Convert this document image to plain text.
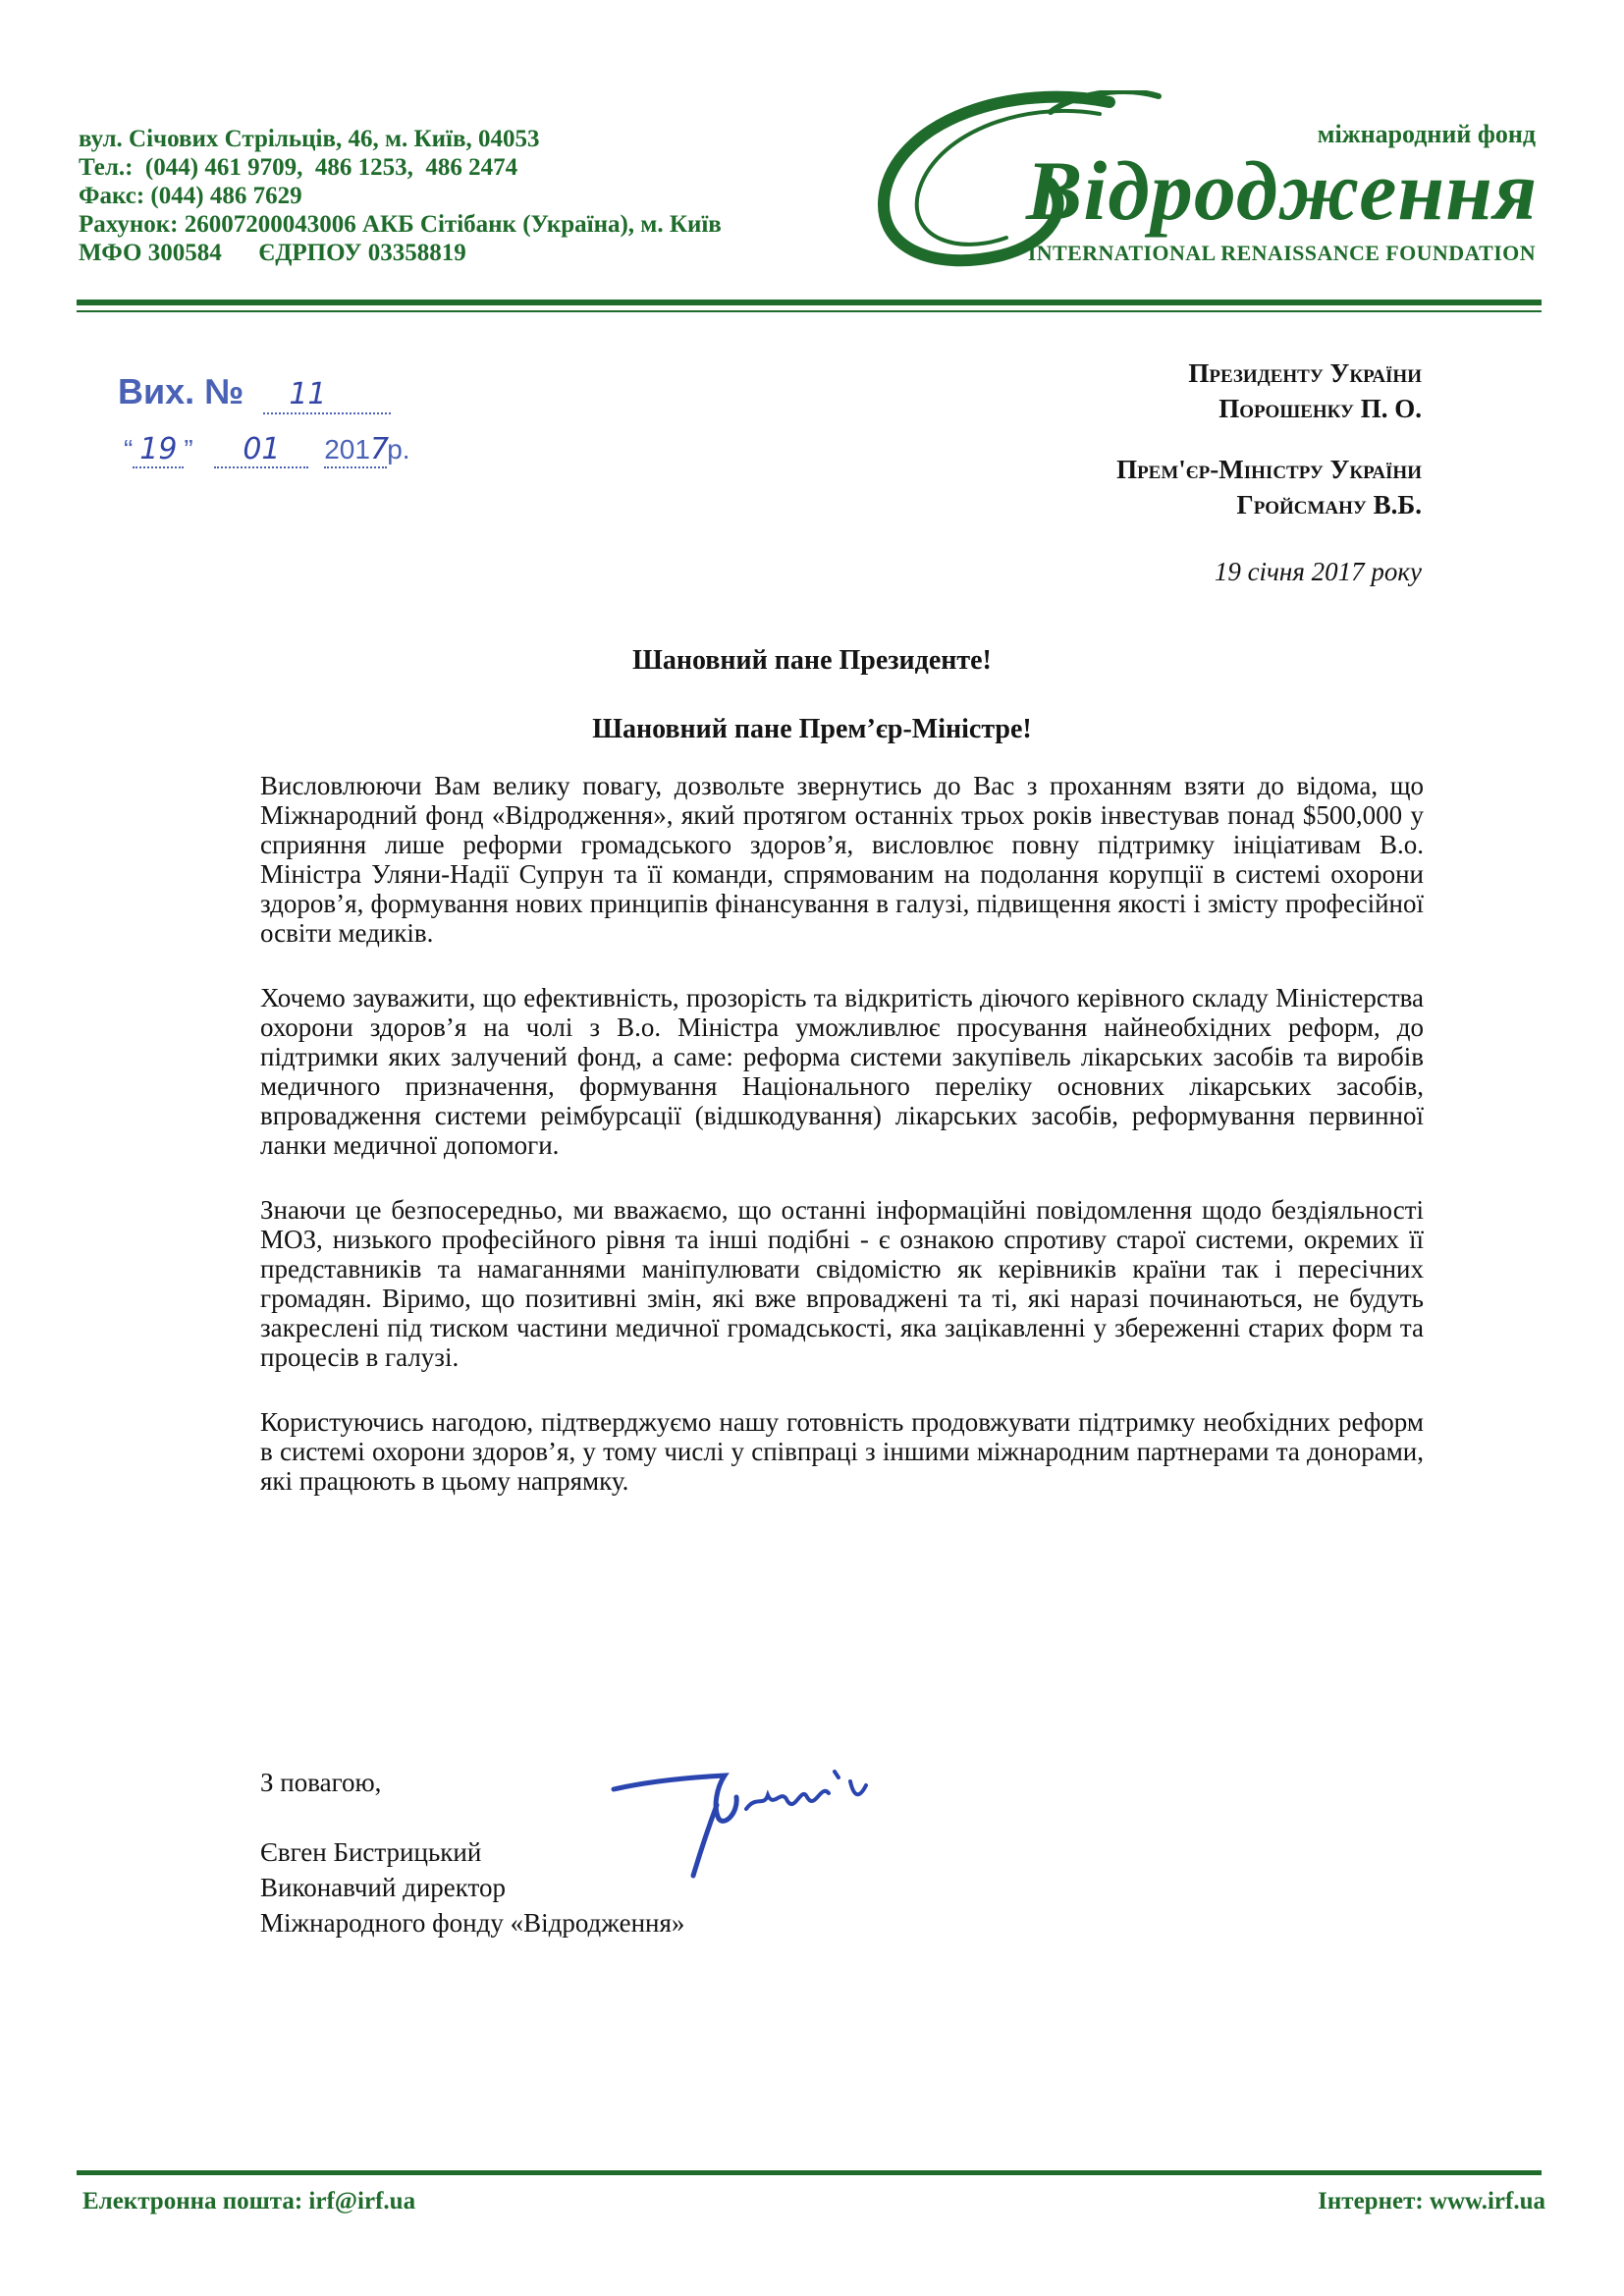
вул. Січових Стрільців, 46, м. Київ, 04053
Тел.:  (044) 461 9709,  486 1253,  486 2474
Факс: (044) 486 7629
Рахунок: 26007200043006 АКБ Сітібанк (Україна), м. Київ
МФО 300584      ЄДРПОУ 03358819
міжнародний фонд
Відродження
INTERNATIONAL RENAISSANCE FOUNDATION
Вих. № 11
“ 19 ” 01 2017р.
Президенту України
Порошенку П. О.
Прем'єр-Міністру України
Гройсману В.Б.
19 січня 2017 року
Шановний пане Президенте!
Шановний пане Прем’єр-Міністре!

Висловлюючи Вам велику повагу, дозвольте звернутись до Вас з проханням взяти до відома, що Міжнародний фонд «Відродження», який протягом останніх трьох років інвестував понад $500,000 у сприяння лише реформи громадського здоров’я, висловлює повну підтримку ініціативам В.о. Міністра Уляни-Надії Супрун та її команди, спрямованим на подолання корупції в системі охорони здоров’я, формування нових принципів фінансування в галузі, підвищення якості і змісту професійної освіти медиків.

Хочемо зауважити, що ефективність, прозорість та відкритість діючого керівного складу Міністерства охорони здоров’я на чолі з В.о. Міністра уможливлює просування найнеобхідних реформ, до підтримки яких залучений фонд, а саме: реформа системи закупівель лікарських засобів та виробів медичного призначення, формування Національного переліку основних лікарських засобів, впровадження системи реімбурсації (відшкодування) лікарських засобів, реформування первинної ланки медичної допомоги.

Знаючи це безпосередньо, ми вважаємо, що останні інформаційні повідомлення щодо бездіяльності МОЗ, низького професійного рівня та інші подібні - є ознакою спротиву старої системи, окремих її представників та намаганнями маніпулювати свідомістю як керівників країни так і пересічних громадян. Віримо, що позитивні змін, які вже впроваджені та ті, які наразі починаються, не будуть закреслені під тиском частини медичної громадськості, яка зацікавленні у збереженні старих форм та процесів в галузі.

Користуючись нагодою, підтверджуємо нашу готовність продовжувати підтримку необхідних реформ в системі охорони здоров’я, у тому числі у співпраці з іншими міжнародним партнерами та донорами, які працюють в цьому напрямку.

З повагою,
Євген Бистрицький
Виконавчий директор
Міжнародного фонду «Відродження»
Електронна пошта: irf@irf.ua	Інтернет: www.irf.ua
